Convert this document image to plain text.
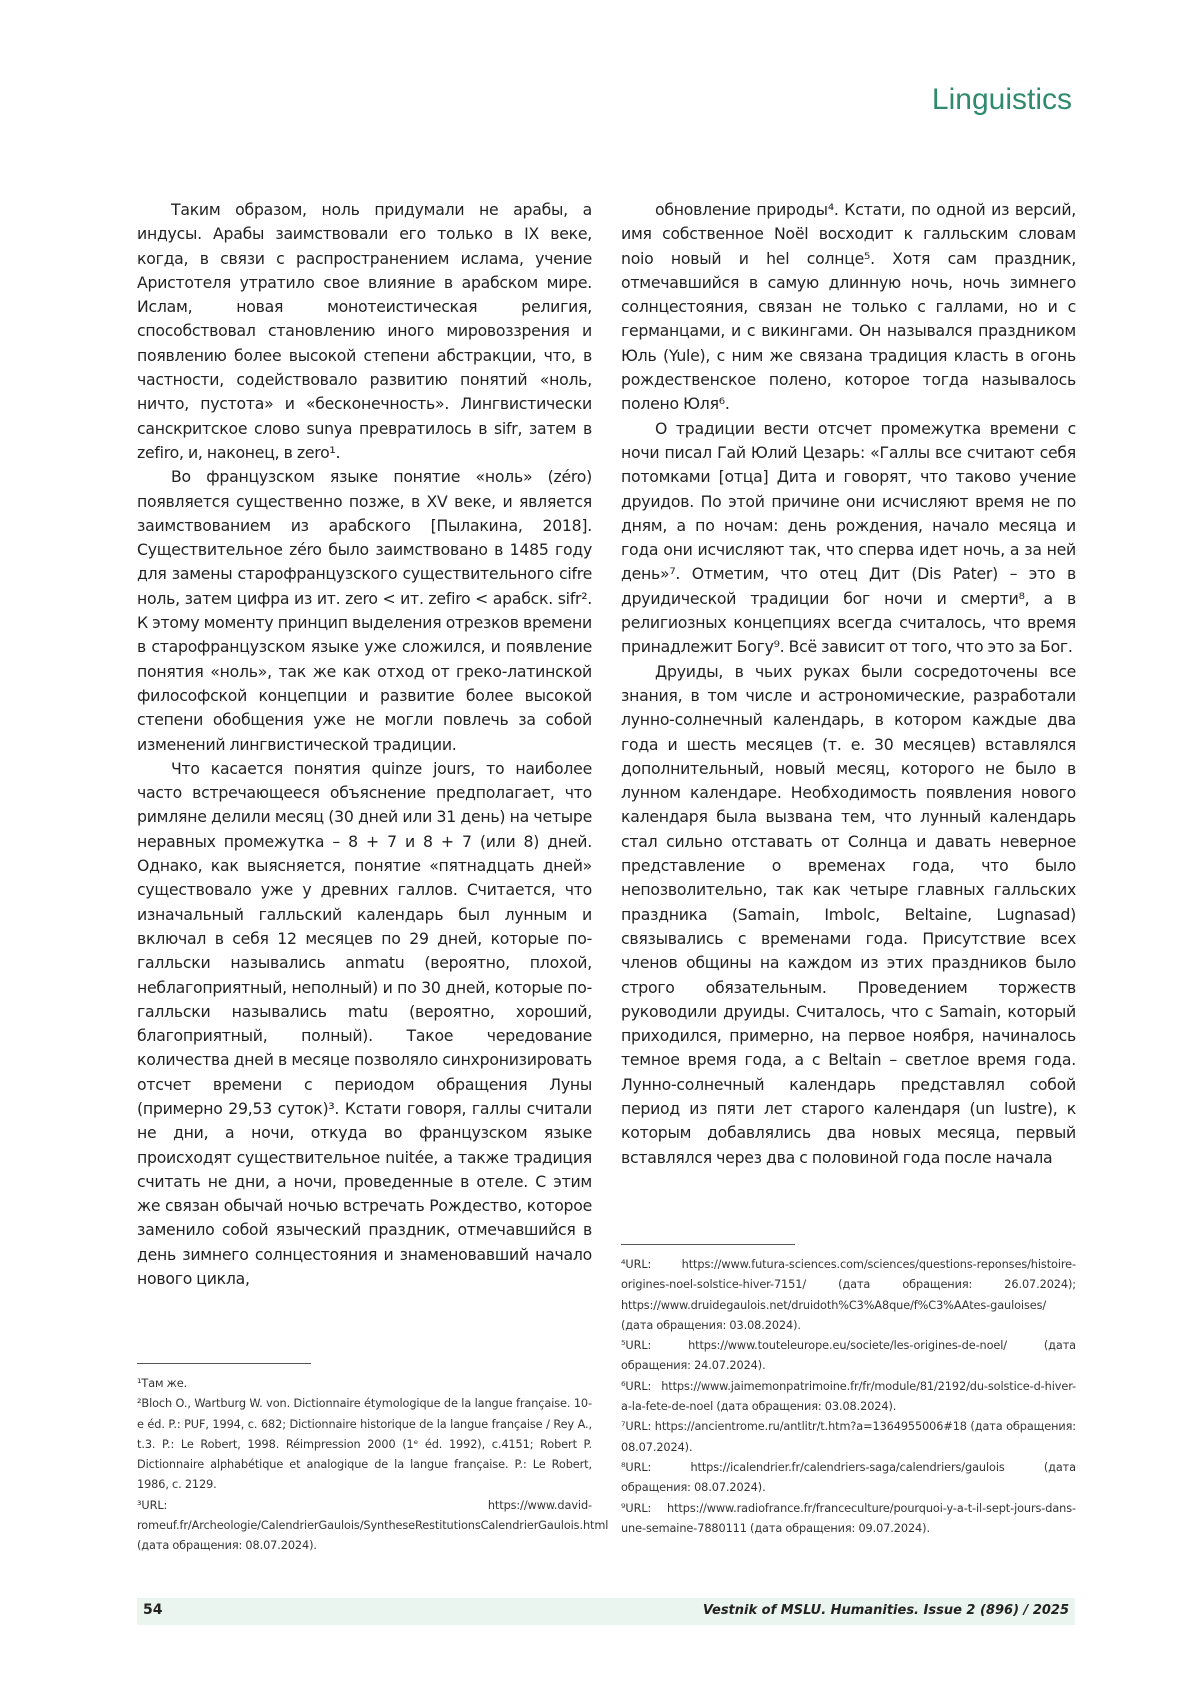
Linguistics

Таким образом, ноль придумали не арабы, а индусы. Арабы заимствовали его только в IX веке, когда, в связи с распространением ислама, учение Аристотеля утратило свое влияние в арабском мире. Ислам, новая монотеистическая религия, способствовал становлению иного мировоззрения и появлению более высокой степени абстракции, что, в частности, содействовало развитию понятий «ноль, ничто, пустота» и «бесконечность». Лингвистически санскритское слово sunya превратилось в sifr, затем в zefiro, и, наконец, в zero¹.
Во французском языке понятие «ноль» (zéro) появляется существенно позже, в XV веке, и является заимствованием из арабского [Пылакина, 2018]. Существительное zéro было заимствовано в 1485 году для замены старофранцузского существительного cifre ноль, затем цифра из ит. zero < ит. zefiro < арабск. sifr². К этому моменту принцип выделения отрезков времени в старофранцузском языке уже сложился, и появление понятия «ноль», так же как отход от греко-латинской философской концепции и развитие более высокой степени обобщения уже не могли повлечь за собой изменений лингвистической традиции.
Что касается понятия quinze jours, то наиболее часто встречающееся объяснение предполагает, что римляне делили месяц (30 дней или 31 день) на четыре неравных промежутка – 8 + 7 и 8 + 7 (или 8) дней. Однако, как выясняется, понятие «пятнадцать дней» существовало уже у древних галлов. Считается, что изначальный галльский календарь был лунным и включал в себя 12 месяцев по 29 дней, которые по-галльски назывались anmatu (вероятно, плохой, неблагоприятный, неполный) и по 30 дней, которые по-галльски назывались matu (вероятно, хороший, благоприятный, полный). Такое чередование количества дней в месяце позволяло синхронизировать отсчет времени с периодом обращения Луны (примерно 29,53 суток)³. Кстати говоря, галлы считали не дни, а ночи, откуда во французском языке происходят существительное nuitée, а также традиция считать не дни, а ночи, проведенные в отеле. С этим же связан обычай ночью встречать Рождество, которое заменило собой языческий праздник, отмечавшийся в день зимнего солнцестояния и знаменовавший начало нового цикла,

обновление природы⁴. Кстати, по одной из версий, имя собственное Noël восходит к галльским словам noio новый и hel солнце⁵. Хотя сам праздник, отмечавшийся в самую длинную ночь, ночь зимнего солнцестояния, связан не только с галлами, но и с германцами, и с викингами. Он назывался праздником Юль (Yule), с ним же связана традиция класть в огонь рождественское полено, которое тогда называлось полено Юля⁶.
О традиции вести отсчет промежутка времени с ночи писал Гай Юлий Цезарь: «Галлы все считают себя потомками [отца] Дита и говорят, что таково учение друидов. По этой причине они исчисляют время не по дням, а по ночам: день рождения, начало месяца и года они исчисляют так, что сперва идет ночь, а за ней день»⁷. Отметим, что отец Дит (Dis Pater) – это в друидической традиции бог ночи и смерти⁸, а в религиозных концепциях всегда считалось, что время принадлежит Богу⁹. Всё зависит от того, что это за Бог.
Друиды, в чьих руках были сосредоточены все знания, в том числе и астрономические, разработали лунно-солнечный календарь, в котором каждые два года и шесть месяцев (т. е. 30 месяцев) вставлялся дополнительный, новый месяц, которого не было в лунном календаре. Необходимость появления нового календаря была вызвана тем, что лунный календарь стал сильно отставать от Солнца и давать неверное представление о временах года, что было непозволительно, так как четыре главных галльских праздника (Samain, Imbolc, Beltaine, Lugnasad) связывались с временами года. Присутствие всех членов общины на каждом из этих праздников было строго обязательным. Проведением торжеств руководили друиды. Считалось, что с Samain, который приходился, примерно, на первое ноября, начиналось темное время года, а с Beltain – светлое время года. Лунно-солнечный календарь представлял собой период из пяти лет старого календаря (un lustre), к которым добавлялись два новых месяца, первый вставлялся через два с половиной года после начала

¹Там же.
²Bloch O., Wartburg W. von. Dictionnaire étymologique de la langue française. 10-e éd. P.: PUF, 1994, c. 682; Dictionnaire historique de la langue française / Rey A., t.3. P.: Le Robert, 1998. Réimpression 2000 (1ᵉ éd. 1992), c.4151; Robert P. Dictionnaire alphabétique et analogique de la langue française. P.: Le Robert, 1986, c. 2129.
³URL: https://www.david-romeuf.fr/Archeologie/CalendrierGaulois/SyntheseRestitutionsCalendrierGaulois.html (дата обращения: 08.07.2024).
⁴URL: https://www.futura-sciences.com/sciences/questions-reponses/histoire-origines-noel-solstice-hiver-7151/ (дата обращения: 26.07.2024); https://www.druidegaulois.net/druidoth%C3%A8que/f%C3%AAtes-gauloises/ (дата обращения: 03.08.2024).
⁵URL: https://www.touteleurope.eu/societe/les-origines-de-noel/ (дата обращения: 24.07.2024).
⁶URL: https://www.jaimemonpatrimoine.fr/fr/module/81/2192/du-solstice-d-hiver-a-la-fete-de-noel (дата обращения: 03.08.2024).
⁷URL: https://ancientrome.ru/antlitr/t.htm?a=1364955006#18 (дата обращения: 08.07.2024).
⁸URL: https://icalendrier.fr/calendriers-saga/calendriers/gaulois (дата обращения: 08.07.2024).
⁹URL: https://www.radiofrance.fr/franceculture/pourquoi-y-a-t-il-sept-jours-dans-une-semaine-7880111 (дата обращения: 09.07.2024).
54	Vestnik of MSLU. Humanities. Issue 2 (896) / 2025
